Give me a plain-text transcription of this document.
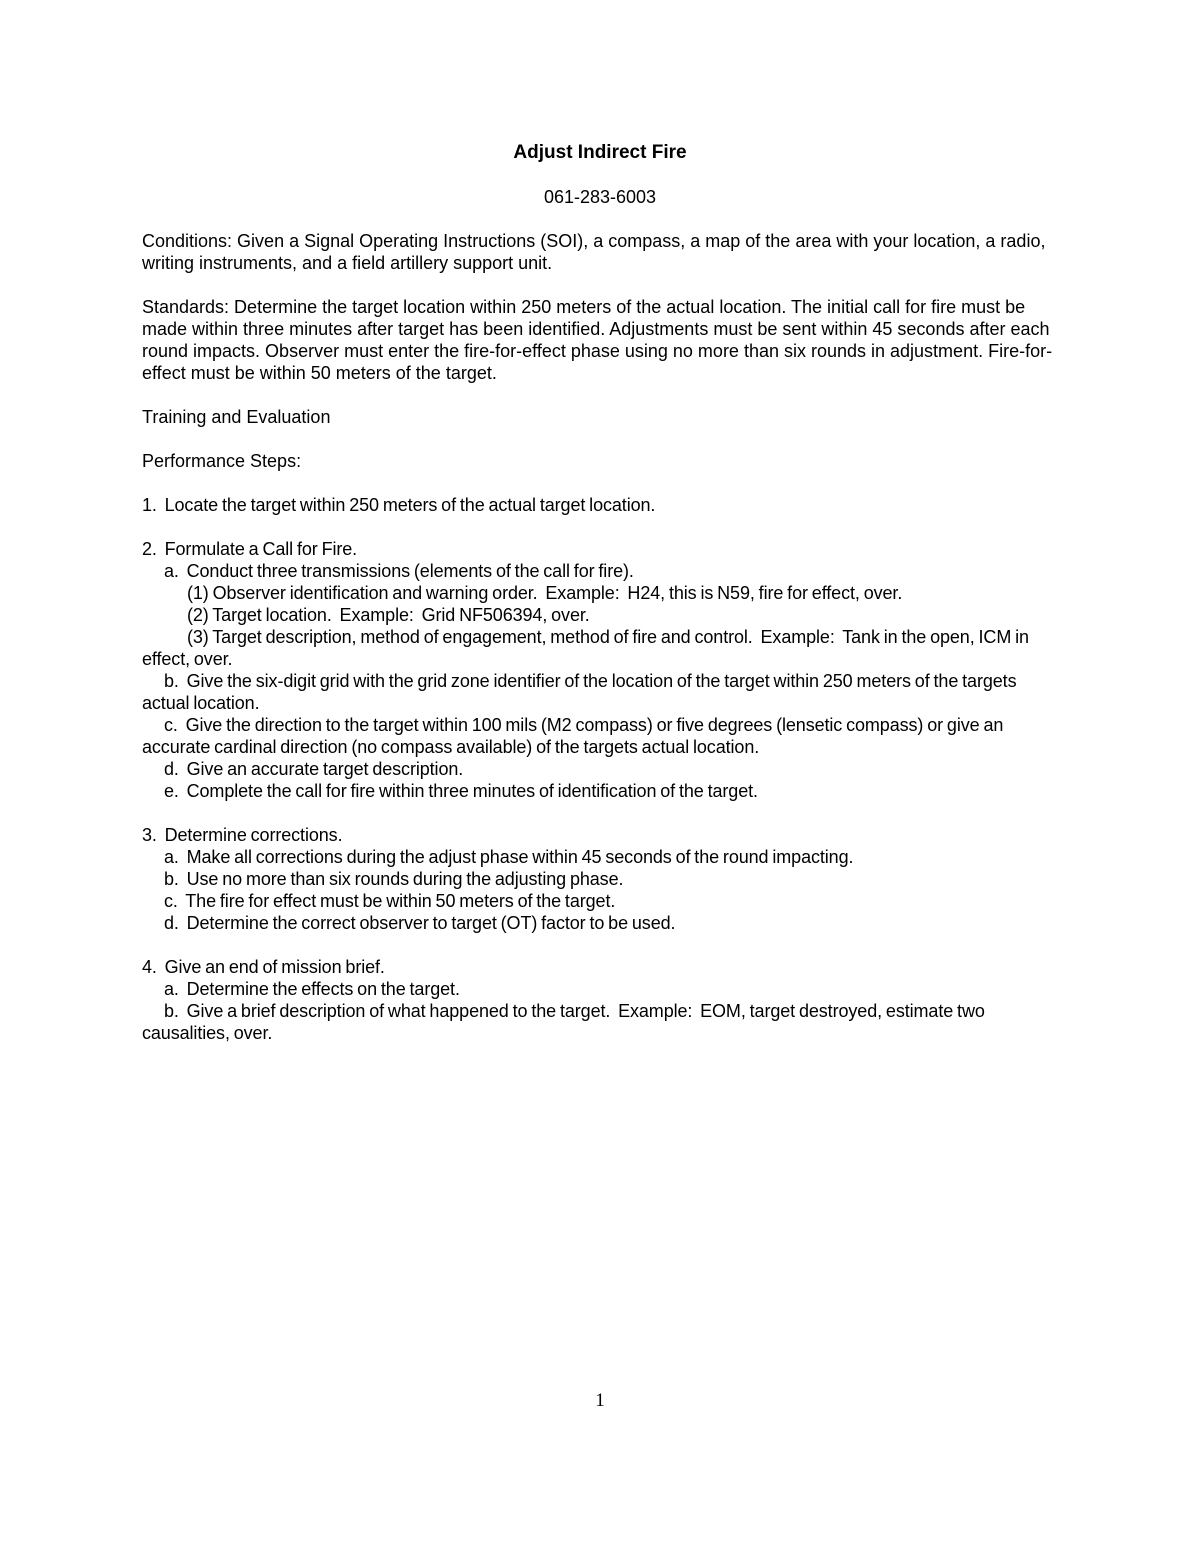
Adjust Indirect Fire
061-283-6003

Conditions: Given a Signal Operating Instructions (SOI), a compass, a map of the area with your location, a radio, writing instruments, and a field artillery support unit.

Standards: Determine the target location within 250 meters of the actual location. The initial call for fire must be made within three minutes after target has been identified. Adjustments must be sent within 45 seconds after each round impacts. Observer must enter the fire-for-effect phase using no more than six rounds in adjustment. Fire-for-effect must be within 50 meters of the target.

Training and Evaluation

Performance Steps:

1.  Locate the target within 250 meters of the actual target location.
2.  Formulate a Call for Fire.
a.  Conduct three transmissions (elements of the call for fire).
(1) Observer identification and warning order.  Example:  H24, this is N59, fire for effect, over.
(2) Target location.  Example:  Grid NF506394, over.
(3) Target description, method of engagement, method of fire and control.  Example:  Tank in the open, ICM in effect, over.
b.  Give the six-digit grid with the grid zone identifier of the location of the target within 250 meters of the targets actual location.
c.  Give the direction to the target within 100 mils (M2 compass) or five degrees (lensetic compass) or give an accurate cardinal direction (no compass available) of the targets actual location.
d.  Give an accurate target description.
e.  Complete the call for fire within three minutes of identification of the target.
3.  Determine corrections.
a.  Make all corrections during the adjust phase within 45 seconds of the round impacting.
b.  Use no more than six rounds during the adjusting phase.
c.  The fire for effect must be within 50 meters of the target.
d.  Determine the correct observer to target (OT) factor to be used.
4.  Give an end of mission brief.
a.  Determine the effects on the target.
b.  Give a brief description of what happened to the target.  Example:  EOM, target destroyed, estimate two causalities, over.
1
